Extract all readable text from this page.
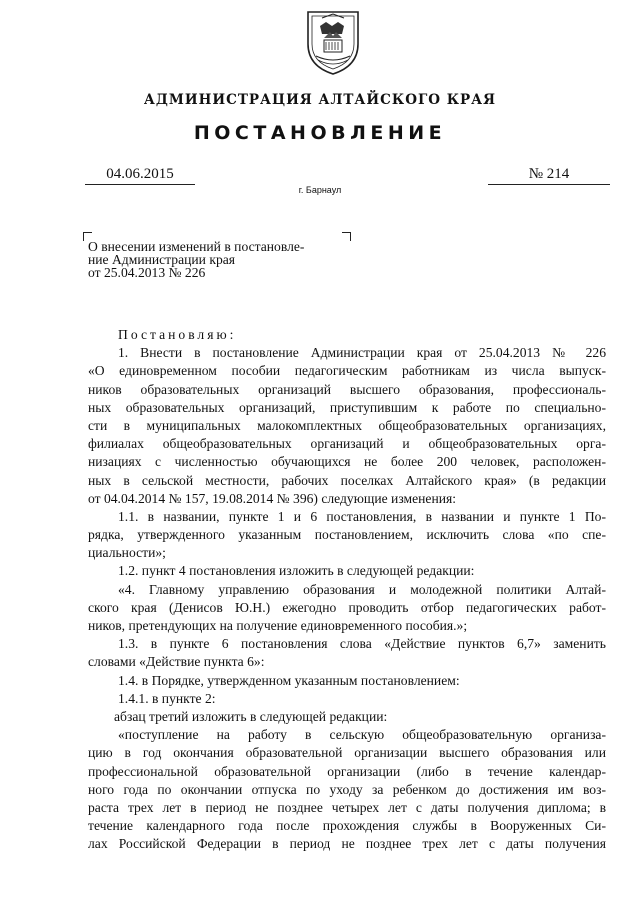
АДМИНИСТРАЦИЯ АЛТАЙСКОГО КРАЯ
ПОСТАНОВЛЕНИЕ
04.06.2015	№ 214
г. Барнаул
О внесении изменений в постановле-
ние Администрации края
от 25.04.2013 № 226
Постановляю:
1. Внести в постановление Администрации края от 25.04.2013 № 226
«О единовременном пособии педагогическим работникам из числа выпуск-
ников образовательных организаций высшего образования, профессиональ-
ных образовательных организаций, приступившим к работе по специально-
сти в муниципальных малокомплектных общеобразовательных организациях,
филиалах общеобразовательных организаций и общеобразовательных орга-
низациях с численностью обучающихся не более 200 человек, расположен-
ных в сельской местности, рабочих поселках Алтайского края» (в редакции
от 04.04.2014 № 157, 19.08.2014 № 396) следующие изменения:
1.1. в названии, пункте 1 и 6 постановления, в названии и пункте 1 По-
рядка, утвержденного указанным постановлением, исключить слова «по спе-
циальности»;
1.2. пункт 4 постановления изложить в следующей редакции:
«4. Главному управлению образования и молодежной политики Алтай-
ского края (Денисов Ю.Н.) ежегодно проводить отбор педагогических работ-
ников, претендующих на получение единовременного пособия.»;
1.3. в пункте 6 постановления слова «Действие пунктов 6,7» заменить
словами «Действие пункта 6»:
1.4. в Порядке, утвержденном указанным постановлением:
1.4.1. в пункте 2:
абзац третий изложить в следующей редакции:
«поступление на работу в сельскую общеобразовательную организа-
цию в год окончания образовательной организации высшего образования или
профессиональной образовательной организации (либо в течение календар-
ного года по окончании отпуска по уходу за ребенком до достижения им воз-
раста трех лет в период не позднее четырех лет с даты получения диплома; в
течение календарного года после прохождения службы в Вооруженных Си-
лах Российской Федерации в период не позднее трех лет с даты получения
